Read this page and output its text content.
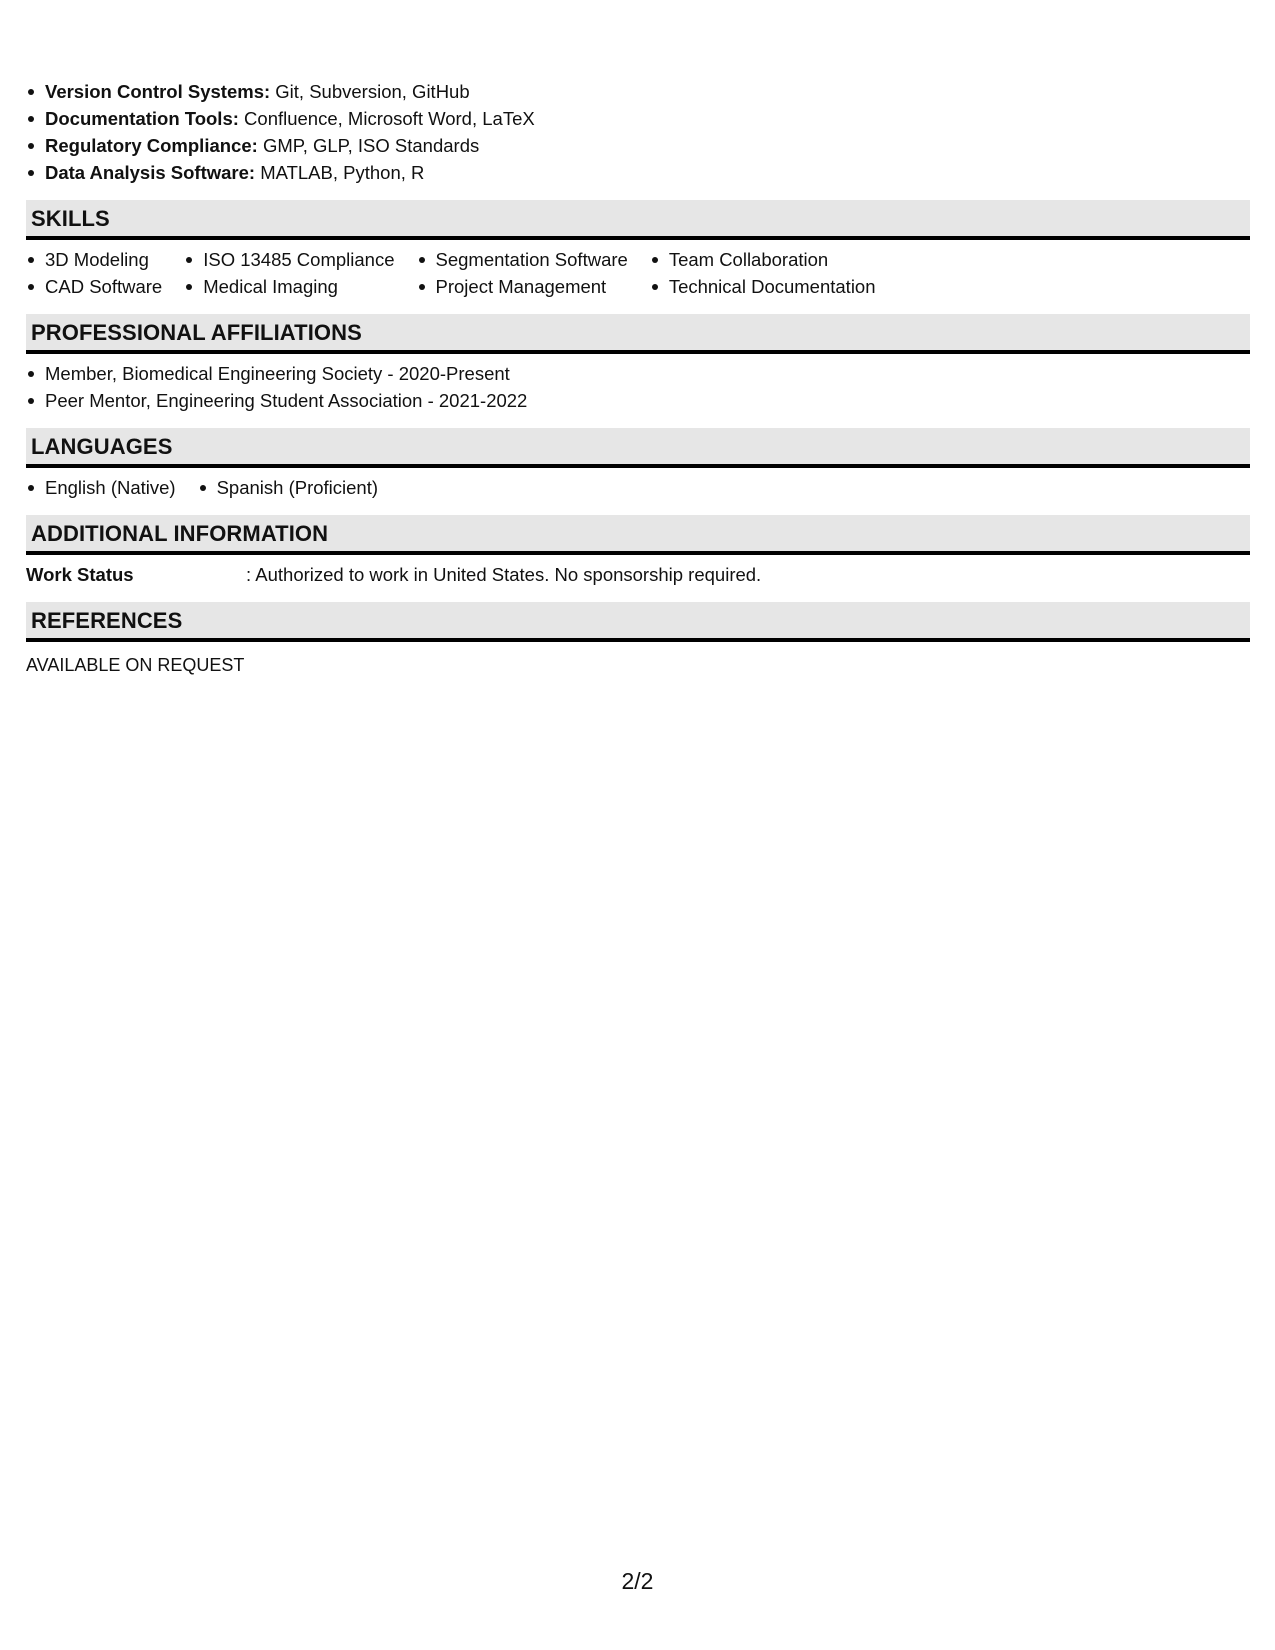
Version Control Systems: Git, Subversion, GitHub
Documentation Tools: Confluence, Microsoft Word, LaTeX
Regulatory Compliance: GMP, GLP, ISO Standards
Data Analysis Software: MATLAB, Python, R
SKILLS
3D Modeling
CAD Software
ISO 13485 Compliance
Medical Imaging
Segmentation Software
Project Management
Team Collaboration
Technical Documentation
PROFESSIONAL AFFILIATIONS
Member, Biomedical Engineering Society - 2020-Present
Peer Mentor, Engineering Student Association - 2021-2022
LANGUAGES
English (Native)	Spanish (Proficient)
ADDITIONAL INFORMATION
Work Status	: Authorized to work in United States. No sponsorship required.
REFERENCES
AVAILABLE ON REQUEST
2/2
